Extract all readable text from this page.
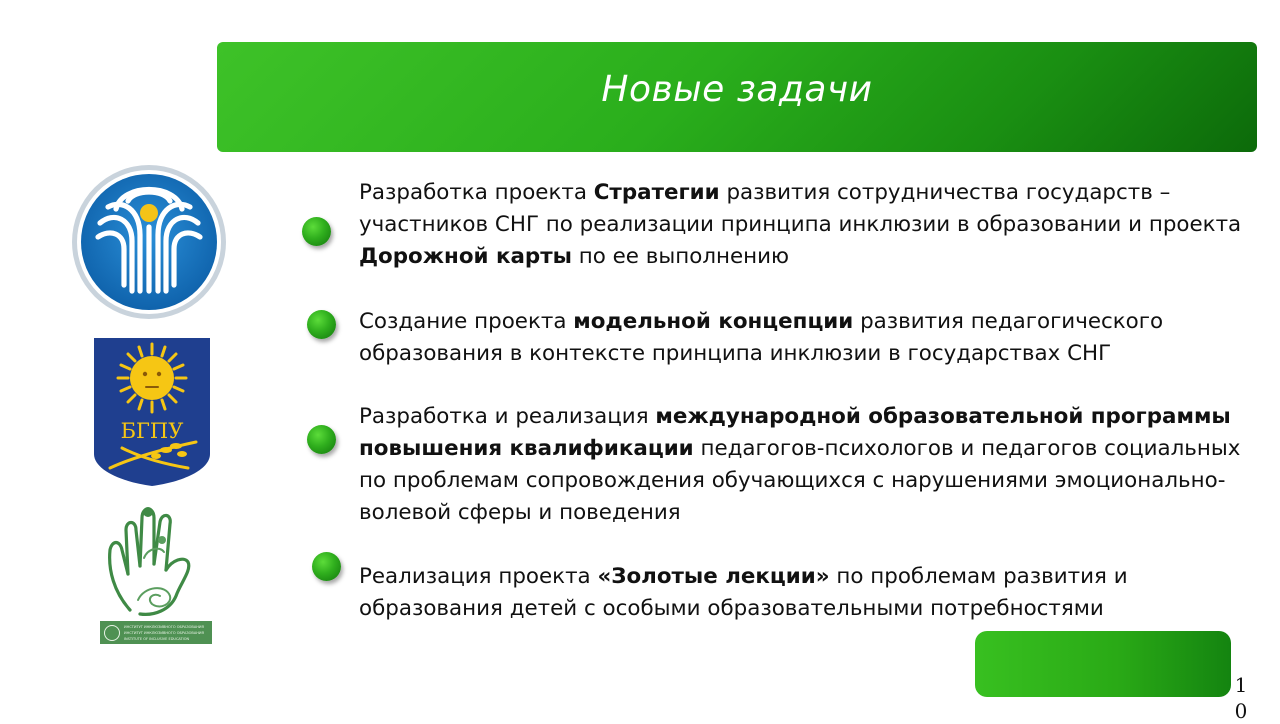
Новые задачи
БГПУ
ИНСТИТУТ ИНКЛЮЗИВНОГО ОБРАЗОВАНИЯ
ИНСТИТУТ ИНКЛЮЗИВНОГО ОБРАЗОВАНИЯ
INSTITUTE OF INCLUSIVE EDUCATION
Разработка проекта Стратегии развития сотрудничества государств – участников СНГ по реализации принципа инклюзии в образовании и проекта Дорожной карты по ее выполнению
Создание проекта модельной концепции развития педагогического образования в контексте принципа инклюзии в государствах СНГ
Разработка и реализация международной образовательной программы повышения квалификации педагогов-психологов и педагогов социальных по проблемам сопровождения обучающихся с нарушениями эмоционально-волевой сферы и поведения
Реализация проекта «Золотые лекции» по проблемам развития и образования детей с особыми образовательными потребностями
10
